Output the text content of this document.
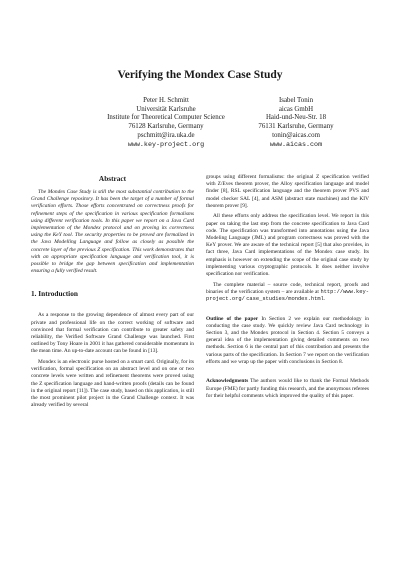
Verifying the Mondex Case Study
Peter H. Schmitt
Universität Karlsruhe
Institute for Theoretical Computer Science
76128 Karlsruhe, Germany
pschmitt@ira.uka.de
www.key-project.org
Isabel Tonin
aicas GmbH
Haid-und-Neu-Str. 18
76131 Karlsruhe, Germany
tonin@aicas.com
www.aicas.com
Abstract

The Mondex Case Study is still the most substantial contribution to the Grand Challenge repository. It has been the target of a number of formal verification efforts. Those efforts concentrated on correctness proofs for refinement steps of the specification in various specification formalisms using different verification tools. In this paper we report on a Java Card implementation of the Mondex protocol and on proving its correctness using the KeY tool. The security properties to be proved are formalized in the Java Modelling Language and follow as closely as possible the concrete layer of the previous Z specification. This work demonstrates that with an appropriate specification language and verification tool, it is possible to bridge the gap between specification and implementation ensuring a fully verified result.

1. Introduction

As a response to the growing dependence of almost every part of our private and professional life on the correct working of software and convinced that formal verification can contribute to greater safety and reliability, the Verified Software Grand Challenge was launched. First outlined by Tony Hoare in 2001 it has gathered considerable momentum in the mean time. An up-to-date account can be found in [13].

Mondex is an electronic purse hosted on a smart card. Originally, for its verification, formal specification on an abstract level and on one or two concrete levels were written and refinement theorems were proved using the Z specification language and hand-written proofs (details can be found in the original report [11]). The case study, based on this application, is still the most prominent pilot project in the Grand Challenge context. It was already verified by several

groups using different formalisms: the original Z specification verified with Z/Eves theorem prover, the Alloy specification language and model finder [8], RSL specification language and the theorem prover PVS and model checker SAL [4], and ASM (abstract state machines) and the KIV theorem prover [9].

All these efforts only address the specification level. We report in this paper on taking the last step from the concrete specification to Java Card code. The specification was transformed into annotations using the Java Modeling Language (JML) and program correctness was proved with the KeY prover. We are aware of the technical report [5] that also provides, in fact three, Java Card implementations of the Mondex case study. Its emphasis is however on extending the scope of the original case study by implementing various cryptographic protocols. It does neither involve specification nor verification.

The complete material – source code, technical report, proofs and binaries of the verification system – are available at http://www.key-project.org/ case_studies/mondex.html.

Outline of the paper In Section 2 we explain our methodology in conducting the case study. We quickly review Java Card technology in Section 3, and the Mondex protocol in Section 4. Section 5 conveys a general idea of the implementation giving detailed comments on two methods. Section 6 is the central part of this contribution and presents the various parts of the specification. In Section 7 we report on the verification efforts and we wrap up the paper with conclusions in Section 8.

Acknowledgments The authors would like to thank the Formal Methods Europe (FME) for partly funding this research, and the anonymous referees for their helpful comments which improved the quality of this paper.
